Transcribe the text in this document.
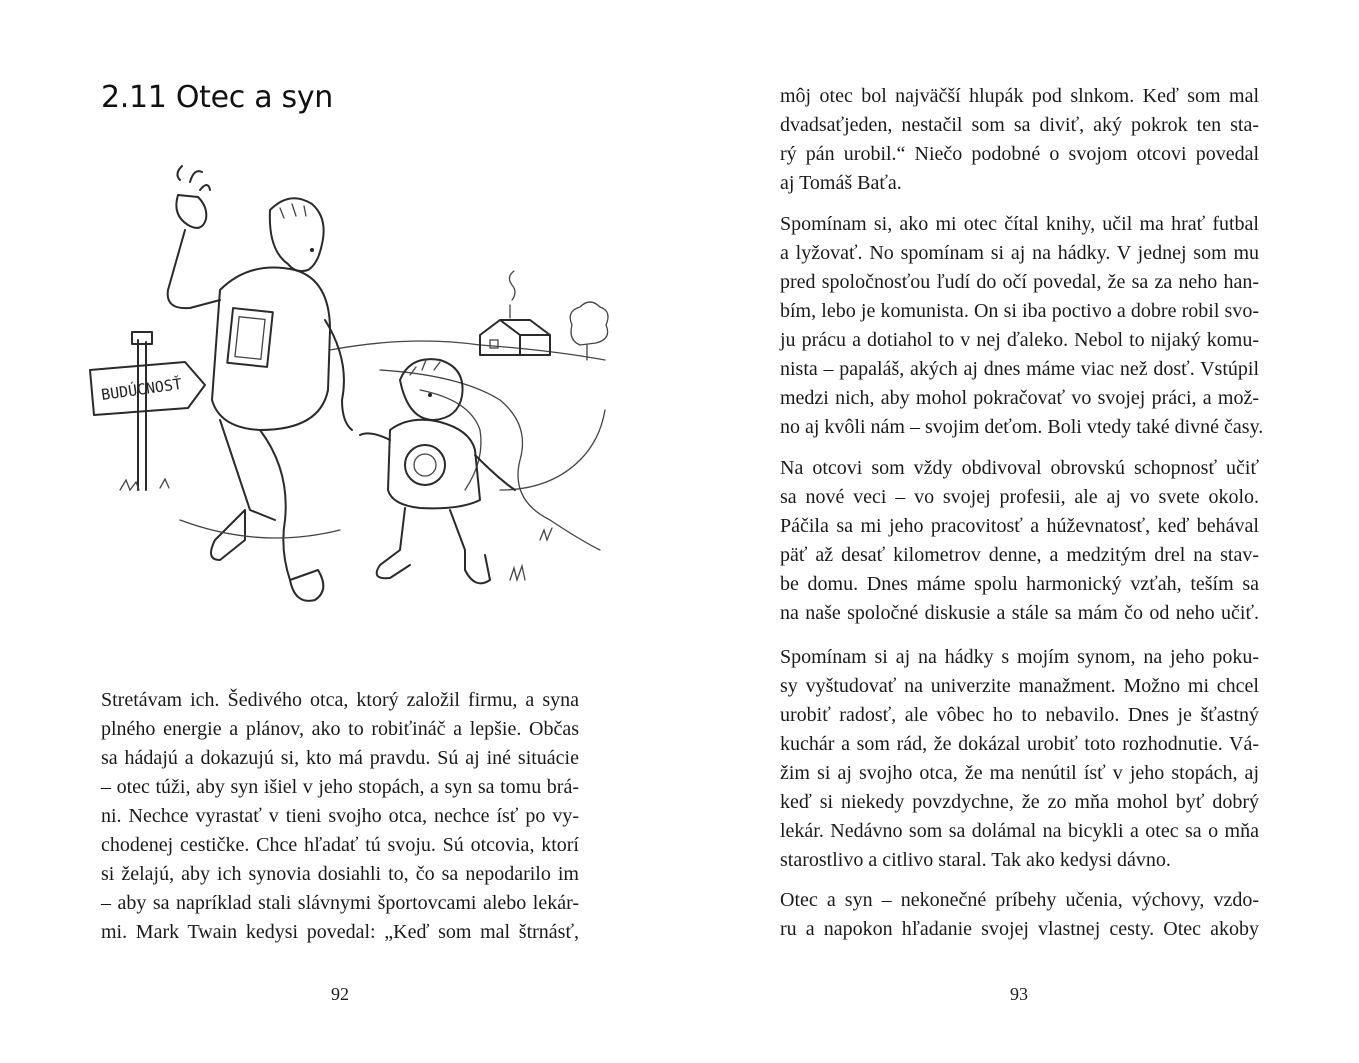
2.11 Otec a syn
BUDÚCNOSŤ
Stretávam ich. Šedivého otca, ktorý založil firmu, a syna
plného energie a plánov, ako to robiťináč a lepšie. Občas
sa hádajú a dokazujú si, kto má pravdu. Sú aj iné situácie
– otec túži, aby syn išiel v jeho stopách, a syn sa tomu brá-
ni. Nechce vyrastať v tieni svojho otca, nechce ísť po vy-
chodenej cestičke. Chce hľadať tú svoju. Sú otcovia, ktorí
si želajú, aby ich synovia dosiahli to, čo sa nepodarilo im
– aby sa napríklad stali slávnymi športovcami alebo lekár-
mi. Mark Twain kedysi povedal: „Keď som mal štrnásť,
92
môj otec bol najväčší hlupák pod slnkom. Keď som mal
dvadsaťjeden, nestačil som sa diviť, aký pokrok ten sta-
rý pán urobil.“ Niečo podobné o svojom otcovi povedal
aj Tomáš Baťa.
Spomínam si, ako mi otec čítal knihy, učil ma hrať futbal
a lyžovať. No spomínam si aj na hádky. V jednej som mu
pred spoločnosťou ľudí do očí povedal, že sa za neho han-
bím, lebo je komunista. On si iba poctivo a dobre robil svo-
ju prácu a dotiahol to v nej ďaleko. Nebol to nijaký komu-
nista – papaláš, akých aj dnes máme viac než dosť. Vstúpil
medzi nich, aby mohol pokračovať vo svojej práci, a mož-
no aj kvôli nám – svojim deťom. Boli vtedy také divné časy.
Na otcovi som vždy obdivoval obrovskú schopnosť učiť
sa nové veci – vo svojej profesii, ale aj vo svete okolo.
Páčila sa mi jeho pracovitosť a húževnatosť, keď behával
päť až desať kilometrov denne, a medzitým drel na stav-
be domu. Dnes máme spolu harmonický vzťah, teším sa
na naše spoločné diskusie a stále sa mám čo od neho učiť.
Spomínam si aj na hádky s mojím synom, na jeho poku-
sy vyštudovať na univerzite manažment. Možno mi chcel
urobiť radosť, ale vôbec ho to nebavilo. Dnes je šťastný
kuchár a som rád, že dokázal urobiť toto rozhodnutie. Vá-
žim si aj svojho otca, že ma nenútil ísť v jeho stopách, aj
keď si niekedy povzdychne, že zo mňa mohol byť dobrý
lekár. Nedávno som sa dolámal na bicykli a otec sa o mňa
starostlivo a citlivo staral. Tak ako kedysi dávno.
Otec a syn – nekonečné príbehy učenia, výchovy, vzdo-
ru a napokon hľadanie svojej vlastnej cesty. Otec akoby
93
